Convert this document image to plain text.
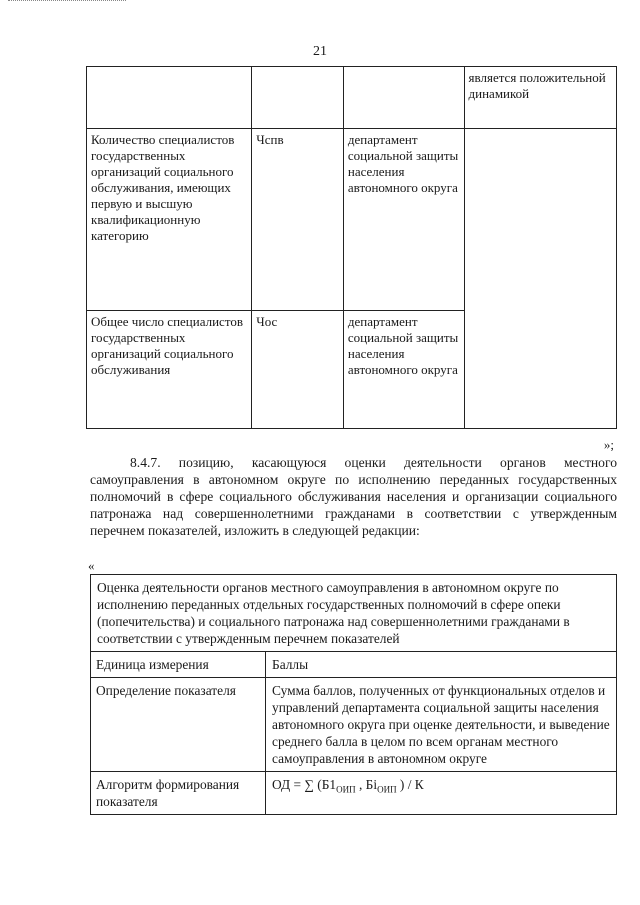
21
			является положительной динамикой
Количество специалистов государственных организаций социального обслуживания, имеющих первую и высшую квалификационную категорию	Чспв	департамент социальной защиты населения автономного округа	
Общее число специалистов государственных организаций социального обслуживания	Чос	департамент социальной защиты населения автономного округа	
»;
8.4.7. позицию, касающуюся оценки деятельности органов местного самоуправления в автономном округе по исполнению переданных государственных полномочий в сфере социального обслуживания населения и организации социального патронажа над совершеннолетними гражданами в соответствии с утвержденным перечнем показателей, изложить в следующей редакции:
«
Оценка деятельности органов местного самоуправления в автономном округе по исполнению переданных отдельных государственных полномочий в сфере опеки (попечительства) и социального патронажа над совершеннолетними гражданами в соответствии с утвержденным перечнем показателей	
Единица измерения	Баллы
Определение показателя	Сумма баллов, полученных от функциональных отделов и управлений департамента социальной защиты населения автономного округа при оценке деятельности, и выведение среднего балла в целом по всем органам местного самоуправления в автономном округе
Алгоритм формирования показателя	ОД = ∑ ($Б1_{ОИП}$ , $Бi_{ОИП}$ ) / К
